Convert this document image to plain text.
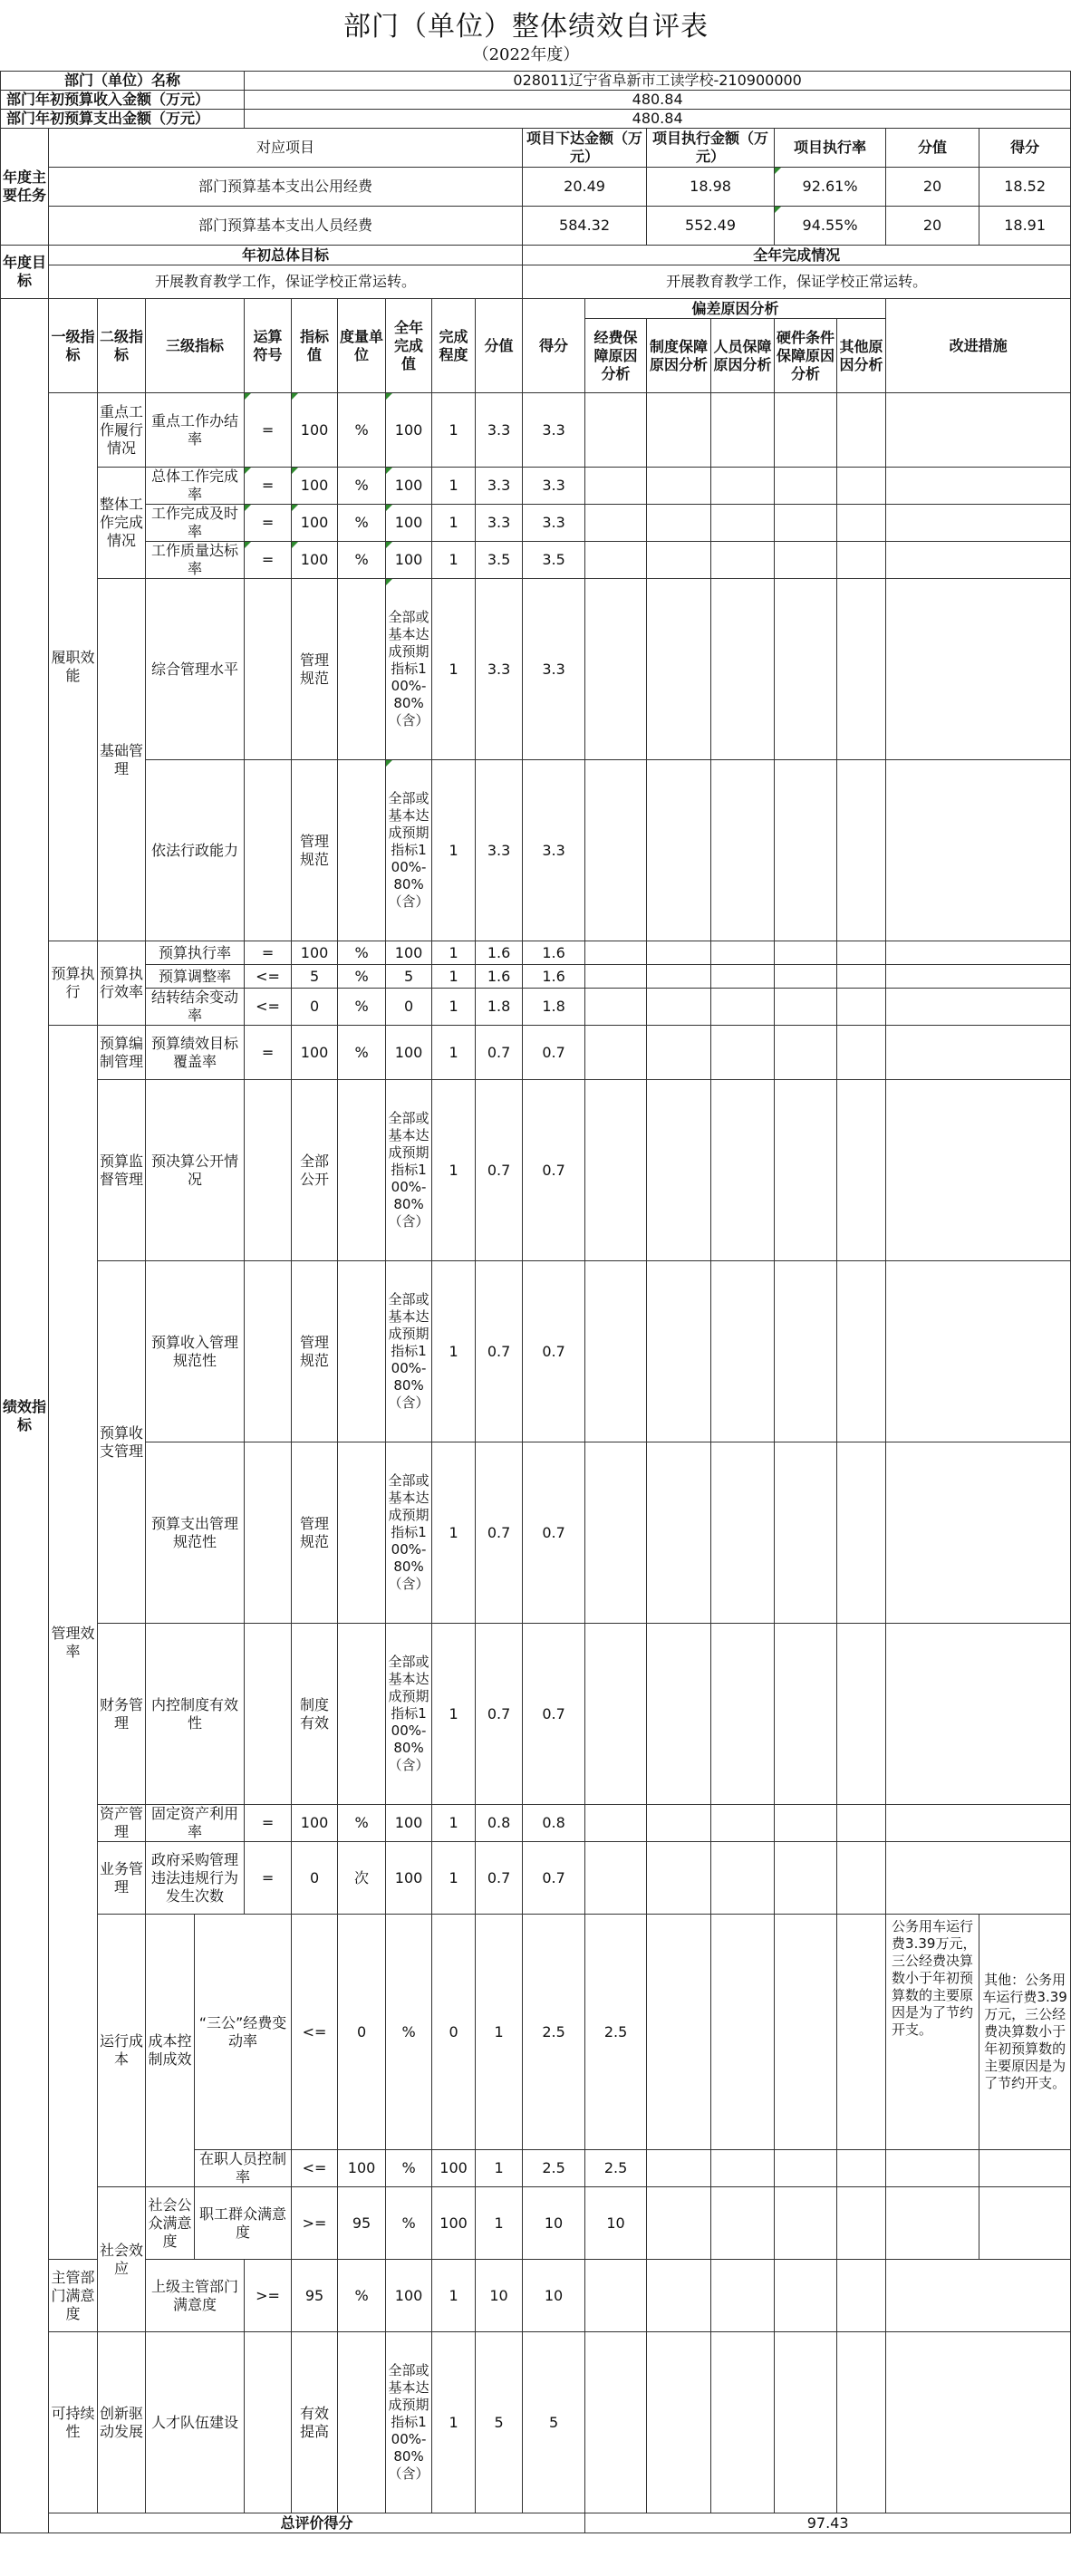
部门（单位）整体绩效自评表
（2022年度）
部门（单位）名称					028011辽宁省阜新市工读学校-210900000													
部门年初预算收入金额（万元）					480.84													
部门年初预算支出金额（万元）					480.84													
年度主要任务	对应项目										项目下达金额（万元）		项目执行金额（万元）		项目执行率		分值	得分
	部门预算基本支出公用经费										20.49		18.98		92.61%		20	18.52
	部门预算基本支出人员经费										584.32		552.49		94.55%		20	18.91
年度目标	年初总体目标										全年完成情况							
	开展教育教学工作，保证学校正常运转。										开展教育教学工作，保证学校正常运转。							
绩效指标	一级指标	二级指标	三级指标		运算符号	指标值	度量单位	全年完成值	完成程度	分值	得分	偏差原因分析					改进措施	
												经费保障原因分析	制度保障原因分析	人员保障原因分析	硬件条件保障原因分析	其他原因分析		
	履职效能	重点工作履行情况	重点工作办结率		=	100	%	100	1	3.3	3.3							
		整体工作完成情况	总体工作完成率		=	100	%	100	1	3.3	3.3							
			工作完成及时率		=	100	%	100	1	3.3	3.3							
			工作质量达标率		=	100	%	100	1	3.5	3.5							
		基础管理	综合管理水平			管理规范		全部或基本达成预期指标100%-80%（含）	1	3.3	3.3							
			依法行政能力			管理规范		全部或基本达成预期指标100%-80%（含）	1	3.3	3.3							
	预算执行	预算执行效率	预算执行率		=	100	%	100	1	1.6	1.6							
			预算调整率		<=	5	%	5	1	1.6	1.6							
			结转结余变动率		<=	0	%	0	1	1.8	1.8							
	管理效率	预算编制管理	预算绩效目标覆盖率		=	100	%	100	1	0.7	0.7							
		预算监督管理	预决算公开情况			全部公开		全部或基本达成预期指标100%-80%（含）	1	0.7	0.7							
		预算收支管理	预算收入管理规范性			管理规范		全部或基本达成预期指标100%-80%（含）	1	0.7	0.7							
			预算支出管理规范性			管理规范		全部或基本达成预期指标100%-80%（含）	1	0.7	0.7							
		财务管理	内控制度有效性			制度有效		全部或基本达成预期指标100%-80%（含）	1	0.7	0.7							
		资产管理	固定资产利用率		=	100	%	100	1	0.8	0.8							
		业务管理	政府采购管理违法违规行为发生次数		=	0	次	100	1	0.7	0.7							
		运行成本	成本控制成效	“三公”经费变动率		<=	0	%	0	1	2.5	2.5					公务用车运行费3.39万元，三公经费决算数小于年初预算数的主要原因是为了节约开支。	其他：公务用车运行费3.39万元，三公经费决算数小于年初预算数的主要原因是为了节约开支。
				在职人员控制率		<=	100	%	100	1	2.5	2.5						
		社会效应	社会公众满意度	职工群众满意度		>=	95	%	100	1	10	10						
	主管部门满意度		上级主管部门满意度		>=	95	%	100	1	10	10							
	可持续性	创新驱动发展	人才队伍建设			有效提高		全部或基本达成预期指标100%-80%（含）	1	5	5							
	总评价得分											97.43						
